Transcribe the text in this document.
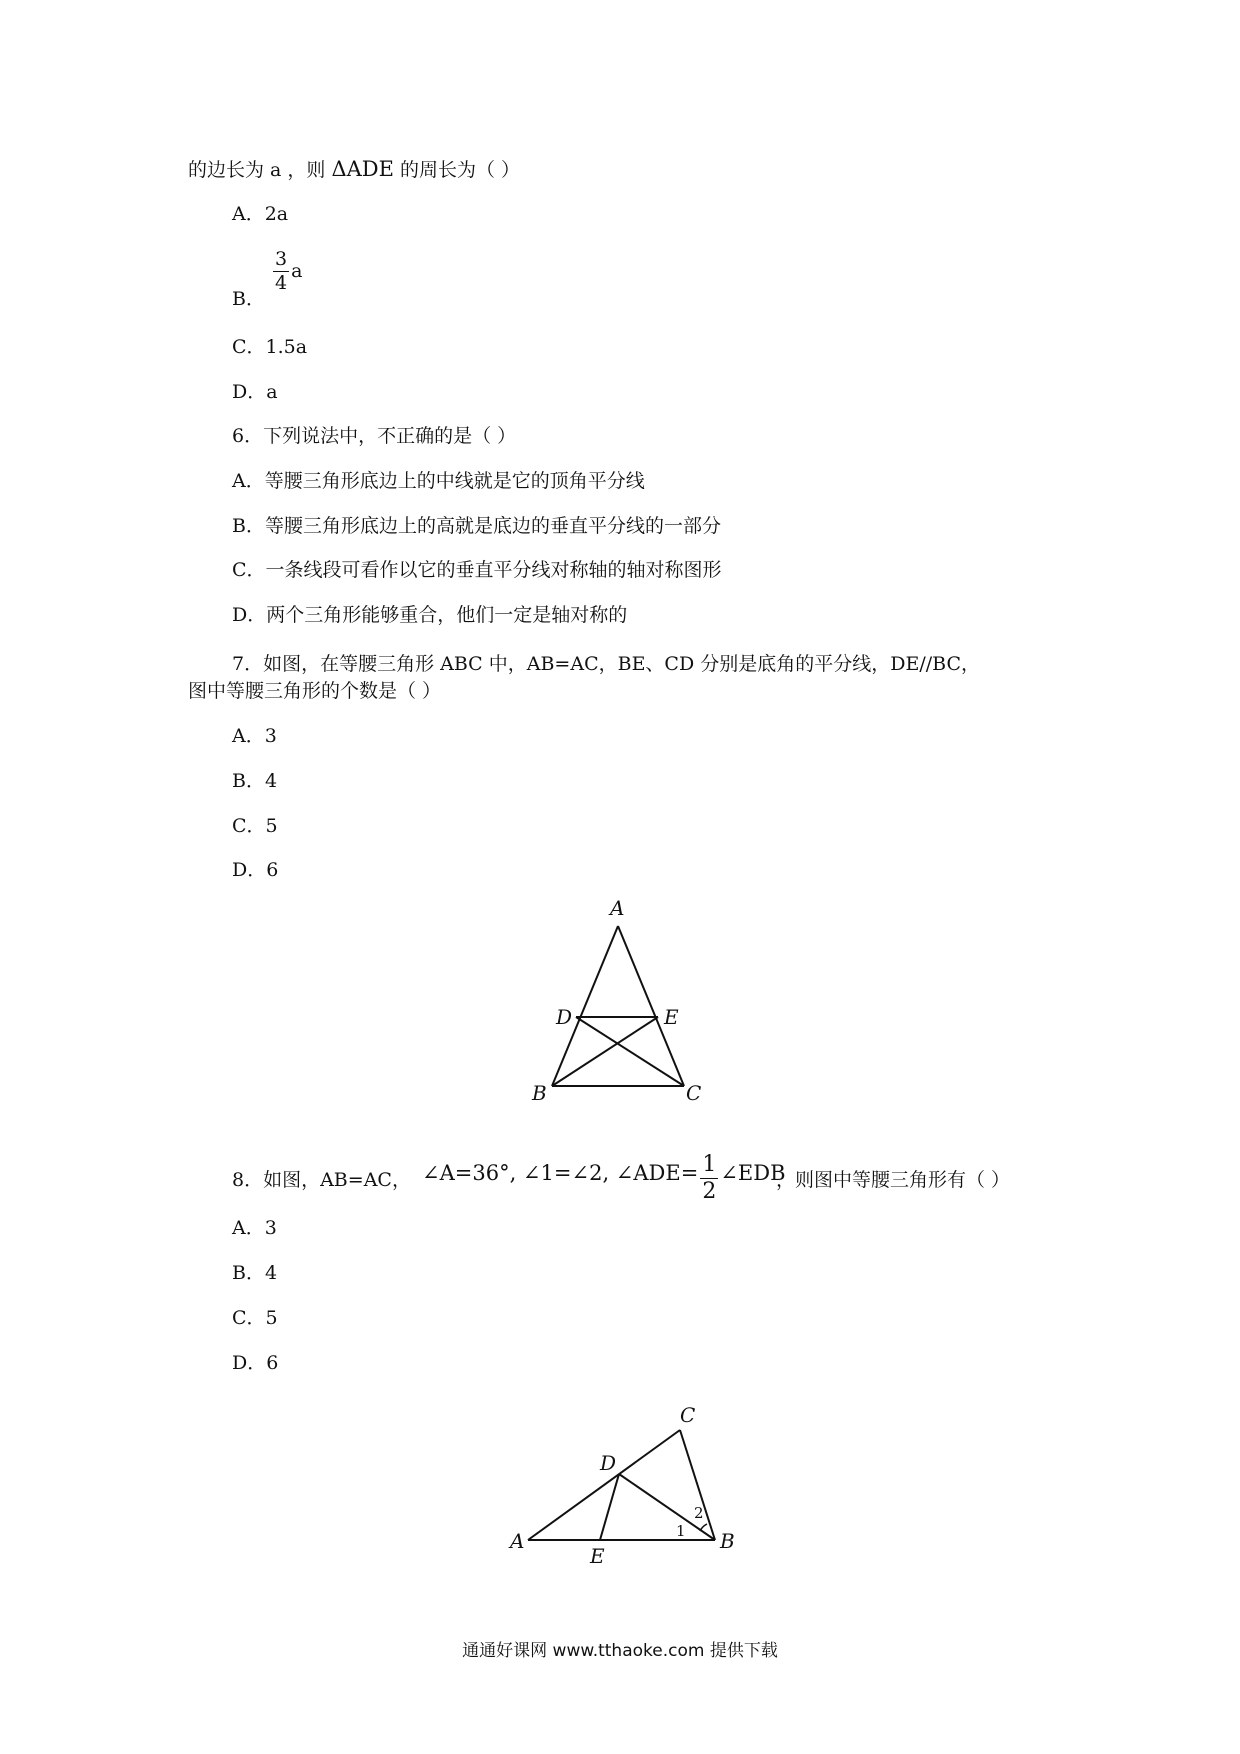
的边长为 a ，则 ΔADE 的周长为（ ）
A．2a
B．
$\frac{3}{4}$ a
C．1.5a
D．a
6．下列说法中，不正确的是（ ）
A．等腰三角形底边上的中线就是它的顶角平分线
B．等腰三角形底边上的高就是底边的垂直平分线的一部分
C．一条线段可看作以它的垂直平分线对称轴的轴对称图形
D．两个三角形能够重合，他们一定是轴对称的
7．如图，在等腰三角形 ABC 中，AB=AC，BE、CD 分别是底角的平分线，DE//BC，
图中等腰三角形的个数是（ ）
A．3
B．4
C．5
D．6
A
D	E
B	C
8．如图，AB=AC， ∠A=36°, ∠1=∠2, ∠ADE= $\frac{1}{2}$ ∠EDB
，则图中等腰三角形有（ ）
A．3
B．4
C．5
D．6
C
D
A
E
B
1
2
通通好课网 www.tthaoke.com 提供下载
